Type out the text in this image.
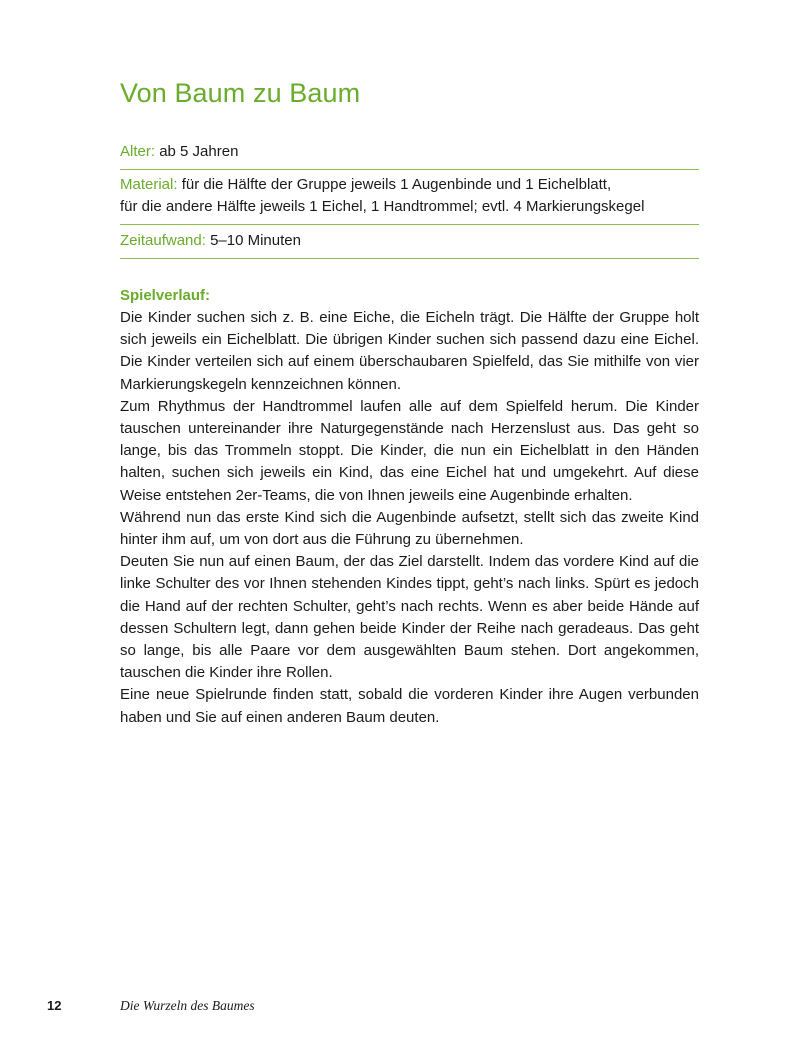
Von Baum zu Baum
Alter: ab 5 Jahren
Material: für die Hälfte der Gruppe jeweils 1 Augenbinde und 1 Eichelblatt,
für die andere Hälfte jeweils 1 Eichel, 1 Handtrommel; evtl. 4 Markierungskegel
Zeitaufwand: 5–10 Minuten
Spielverlauf:

Die Kinder suchen sich z. B. eine Eiche, die Eicheln trägt. Die Hälfte der Gruppe holt sich jeweils ein Eichelblatt. Die übrigen Kinder suchen sich passend dazu eine Eichel. Die Kinder verteilen sich auf einem überschaubaren Spielfeld, das Sie mithilfe von vier Markierungskegeln kennzeichnen können.

Zum Rhythmus der Handtrommel laufen alle auf dem Spielfeld herum. Die Kinder tauschen untereinander ihre Naturgegenstände nach Herzenslust aus. Das geht so lange, bis das Trommeln stoppt. Die Kinder, die nun ein Eichelblatt in den Händen halten, suchen sich jeweils ein Kind, das eine Eichel hat und umgekehrt. Auf diese Weise entstehen 2er-Teams, die von Ihnen jeweils eine Augenbinde erhalten.

Während nun das erste Kind sich die Augenbinde aufsetzt, stellt sich das zweite Kind hinter ihm auf, um von dort aus die Führung zu übernehmen.

Deuten Sie nun auf einen Baum, der das Ziel darstellt. Indem das vordere Kind auf die linke Schulter des vor Ihnen stehenden Kindes tippt, geht’s nach links. Spürt es jedoch die Hand auf der rechten Schulter, geht’s nach rechts. Wenn es aber beide Hände auf dessen Schultern legt, dann gehen beide Kinder der Reihe nach geradeaus. Das geht so lange, bis alle Paare vor dem ausgewählten Baum stehen. Dort angekommen, tauschen die Kinder ihre Rollen.

Eine neue Spielrunde finden statt, sobald die vorderen Kinder ihre Augen verbunden haben und Sie auf einen anderen Baum deuten.

12	Die Wurzeln des Baumes
